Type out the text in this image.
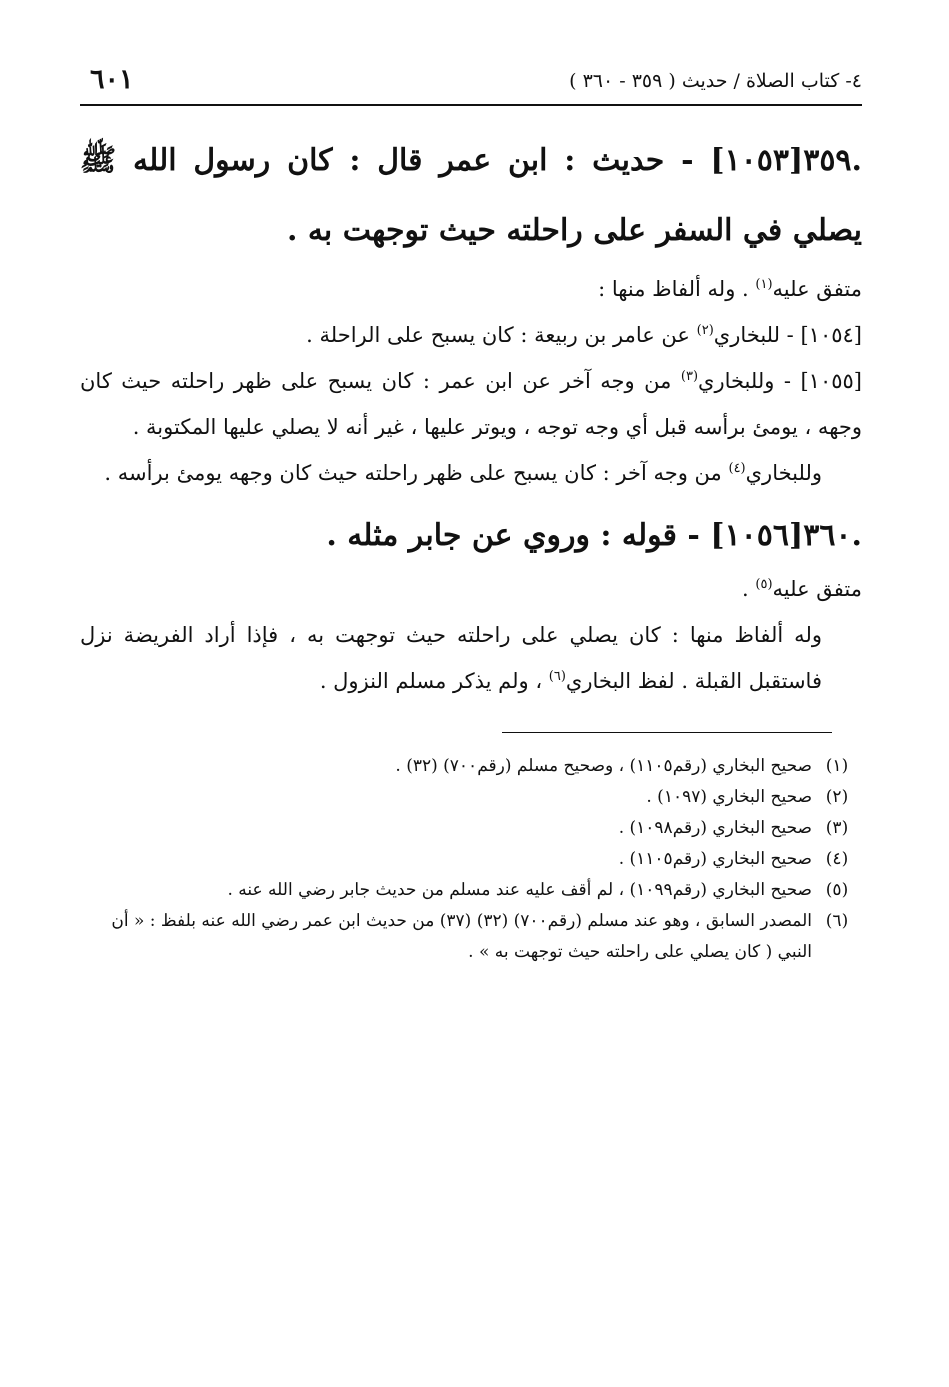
٤- كتاب الصلاة / حديث ( ٣٥٩ - ٣٦٠ )
٦٠١
٣٥٩.[١٠٥٣] - حديث : ابن عمر قال : كان رسول الله ﷺ يصلي في السفر على راحلته حيث توجهت به .

متفق عليه$^{(١)}$ . وله ألفاظ منها :

[١٠٥٤] - للبخاري$^{(٢)}$ عن عامر بن ربيعة : كان يسبح على الراحلة .

[١٠٥٥] - وللبخاري$^{(٣)}$ من وجه آخر عن ابن عمر : كان يسبح على ظهر راحلته حيث كان وجهه ، يومئ برأسه قبل أي وجه توجه ، ويوتر عليها ، غير أنه لا يصلي عليها المكتوبة .

وللبخاري$^{(٤)}$ من وجه آخر : كان يسبح على ظهر راحلته حيث كان وجهه يومئ برأسه .

٣٦٠.[١٠٥٦] - قوله : وروي عن جابر مثله .

متفق عليه$^{(٥)}$ .

وله ألفاظ منها : كان يصلي على راحلته حيث توجهت به ، فإذا أراد الفريضة نزل فاستقبل القبلة . لفظ البخاري$^{(٦)}$ ، ولم يذكر مسلم النزول .

(١)
صحيح البخاري (رقم١١٠٥) ، وصحيح مسلم (رقم٧٠٠) (٣٢) .
(٢)
صحيح البخاري (١٠٩٧) .
(٣)
صحيح البخاري (رقم١٠٩٨) .
(٤)
صحيح البخاري (رقم١١٠٥) .
(٥)
صحيح البخاري (رقم١٠٩٩) ، لم أقف عليه عند مسلم من حديث جابر رضي الله عنه .
(٦)
المصدر السابق ، وهو عند مسلم (رقم٧٠٠) (٣٢) (٣٧) من حديث ابن عمر رضي الله عنه بلفظ : « أن النبي ( كان يصلي على راحلته حيث توجهت به » .
